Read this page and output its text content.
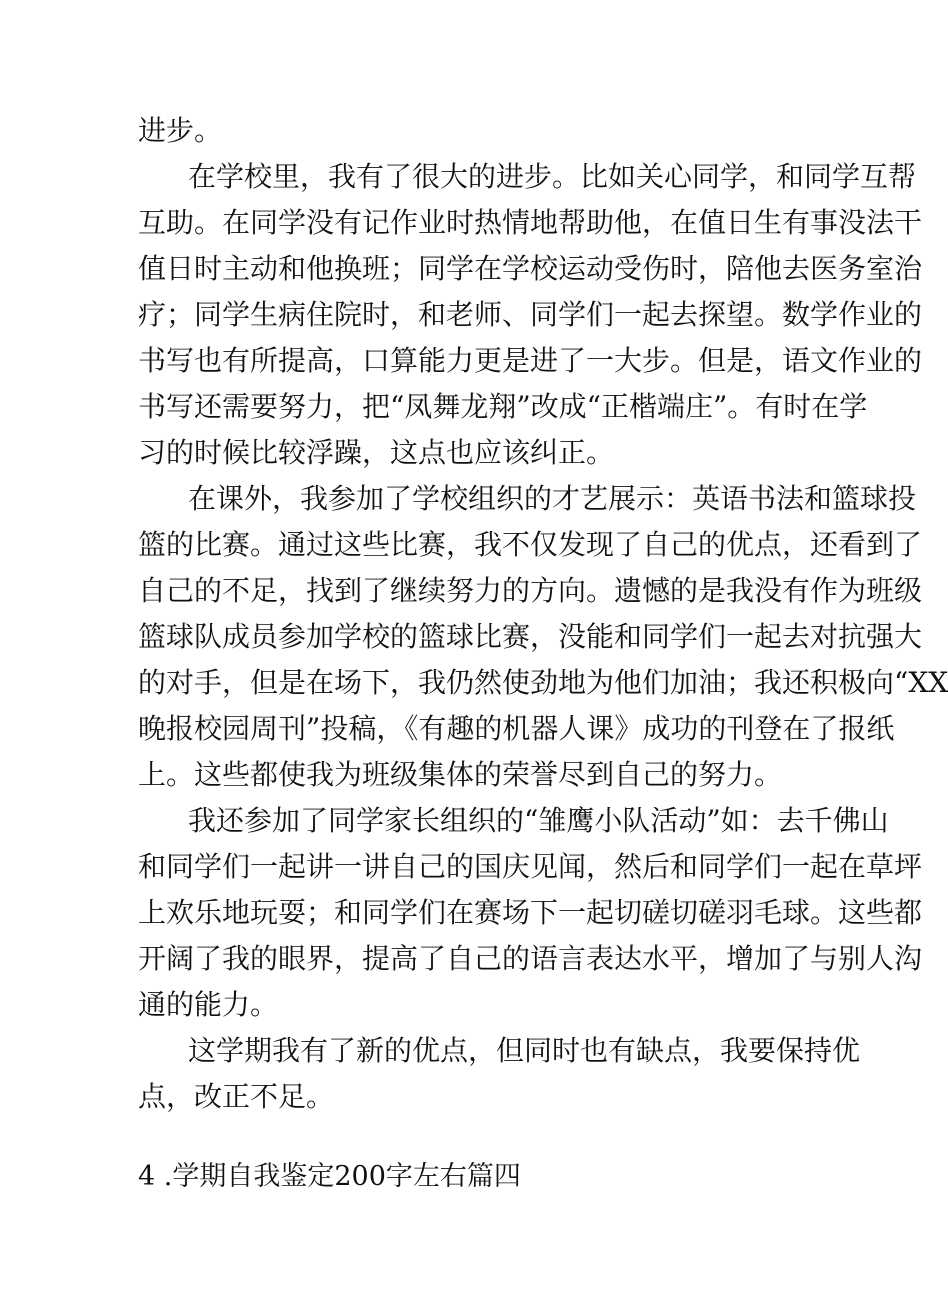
进步。
在学校里，我有了很大的进步。比如关心同学，和同学互帮
互助。在同学没有记作业时热情地帮助他，在值日生有事没法干
值日时主动和他换班；同学在学校运动受伤时，陪他去医务室治
疗；同学生病住院时，和老师、同学们一起去探望。数学作业的
书写也有所提高，口算能力更是进了一大步。但是，语文作业的
书写还需要努力，把“凤舞龙翔”改成“正楷端庄”。有时在学
习的时候比较浮躁，这点也应该纠正。
在课外，我参加了学校组织的才艺展示：英语书法和篮球投
篮的比赛。通过这些比赛，我不仅发现了自己的优点，还看到了
自己的不足，找到了继续努力的方向。遗憾的是我没有作为班级
篮球队成员参加学校的篮球比赛，没能和同学们一起去对抗强大
的对手，但是在场下，我仍然使劲地为他们加油；我还积极向“XX
晚报校园周刊”投稿，《有趣的机器人课》成功的刊登在了报纸
上。这些都使我为班级集体的荣誉尽到自己的努力。
我还参加了同学家长组织的“雏鹰小队活动”如：去千佛山
和同学们一起讲一讲自己的国庆见闻，然后和同学们一起在草坪
上欢乐地玩耍；和同学们在赛场下一起切磋切磋羽毛球。这些都
开阔了我的眼界，提高了自己的语言表达水平，增加了与别人沟
通的能力。
这学期我有了新的优点，但同时也有缺点，我要保持优
点，改正不足。
4 .学期自我鉴定200字左右篇四
